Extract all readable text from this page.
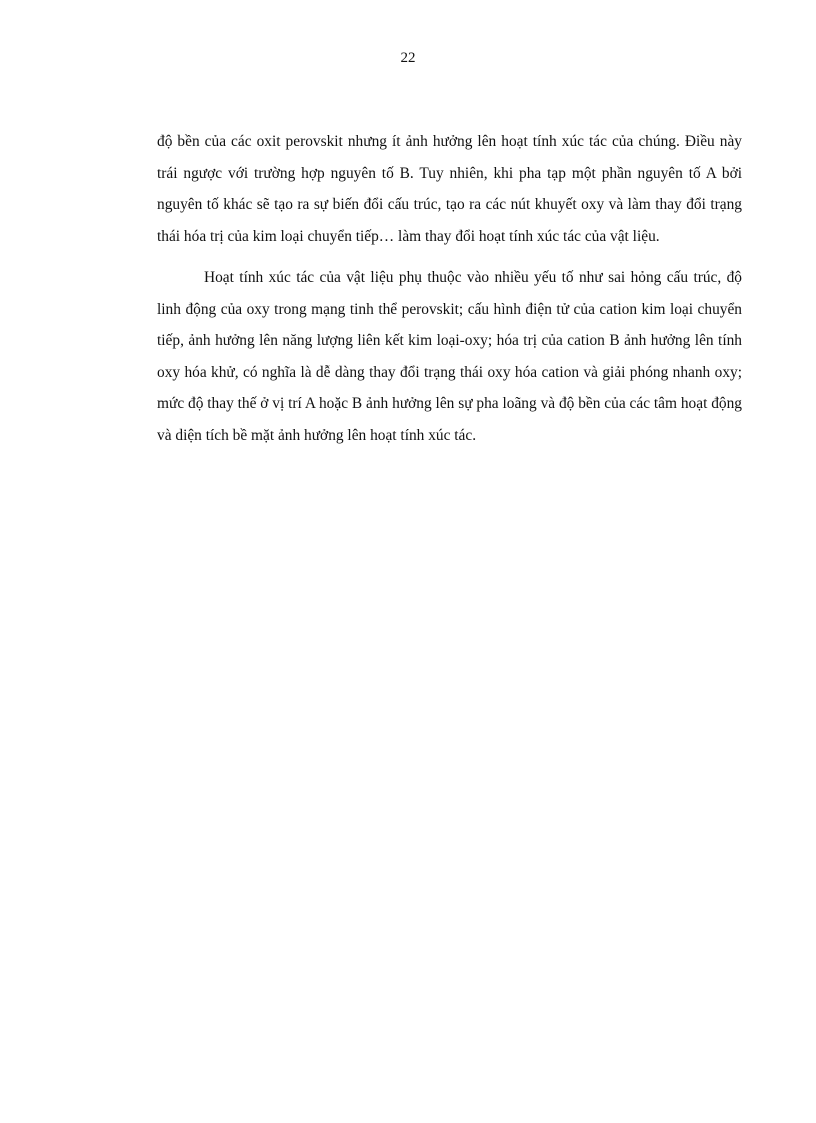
22

độ bền của các oxit perovskit nhưng ít ảnh hưởng lên hoạt tính xúc tác của chúng. Điều này trái ngược với trường hợp nguyên tố B. Tuy nhiên, khi pha tạp một phần nguyên tố A bởi nguyên tố khác sẽ tạo ra sự biến đổi cấu trúc, tạo ra các nút khuyết oxy và làm thay đổi trạng thái hóa trị của kim loại chuyển tiếp… làm thay đổi hoạt tính xúc tác của vật liệu.

Hoạt tính xúc tác của vật liệu phụ thuộc vào nhiều yếu tố như sai hỏng cấu trúc, độ linh động của oxy trong mạng tinh thể perovskit; cấu hình điện tử của cation kim loại chuyển tiếp, ảnh hưởng lên năng lượng liên kết kim loại-oxy; hóa trị của cation B ảnh hưởng lên tính oxy hóa khử, có nghĩa là dễ dàng thay đổi trạng thái oxy hóa cation và giải phóng nhanh oxy; mức độ thay thế ở vị trí A hoặc B ảnh hưởng lên sự pha loãng và độ bền của các tâm hoạt động và diện tích bề mặt ảnh hưởng lên hoạt tính xúc tác.
